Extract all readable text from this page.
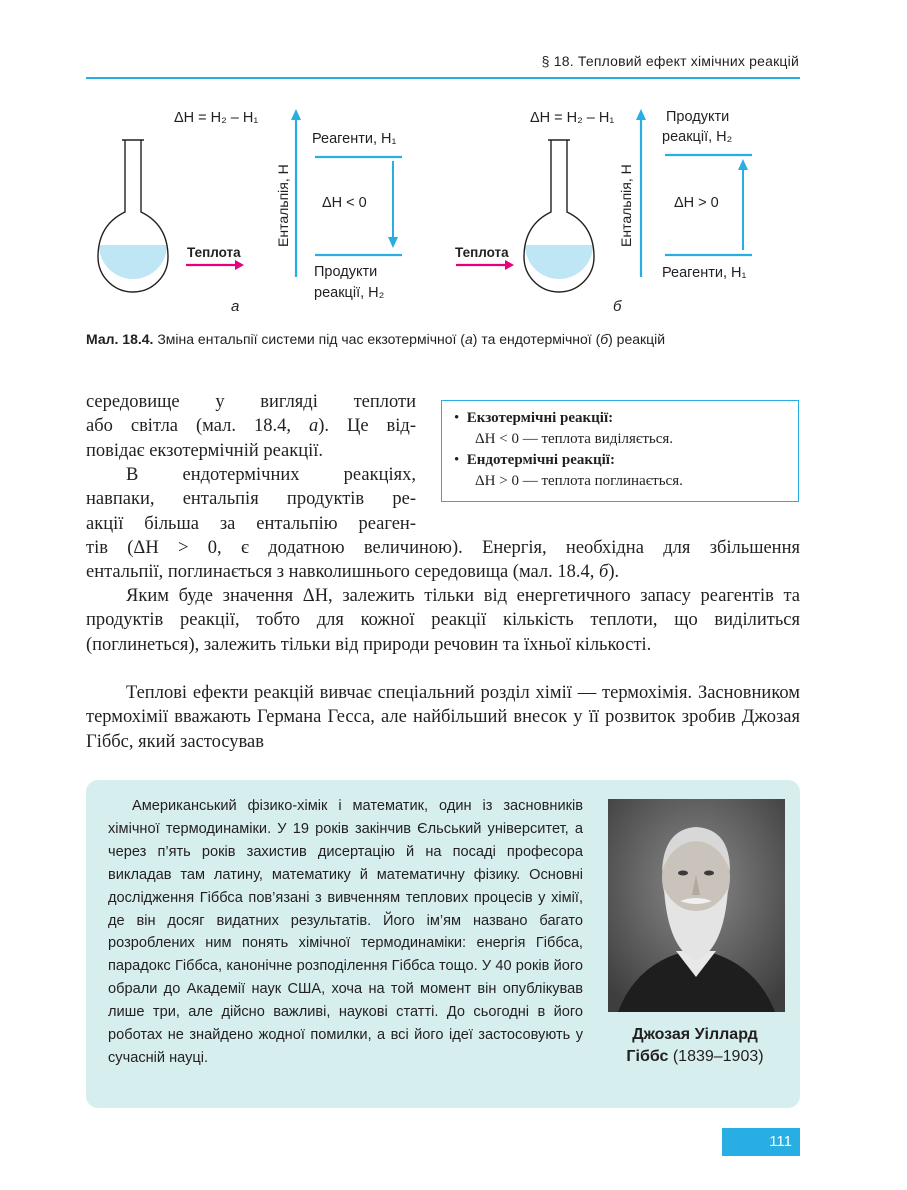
§ 18. Тепловий ефект хімічних реакцій
Теплота
Ентальпія, H
ΔH = H₂ – H₁
Реагенти, H₁
ΔH < 0
Продукти
реакції, H₂
а
Теплота
Ентальпія, H
ΔH = H₂ – H₁	Продукти
реакції, H₂
ΔH > 0
Реагенти, H₁
б
Мал. 18.4. Зміна ентальпії системи під час екзотермічної (а) та ендотермічної (б) реакцій
середовище у вигляді теплоти
або світла (мал. 18.4, а). Це від-
повідає екзотермічній реакції.
В ендотермічних реакціях,
навпаки, ентальпія продуктів ре-
акції більша за ентальпію реаген-
тів (ΔH > 0, є додатною величиною). Енергія, необхідна для збільшення
ентальпії, поглинається з навколишнього середовища (мал. 18.4, б).
Яким буде значення ΔH, залежить тільки від енергетичного запасу реагентів та продуктів реакції, тобто для кожної реакції кількість теплоти, що виділиться (поглинеться), залежить тільки від природи речовин та їхньої кількості.
Теплові ефекти реакцій вивчає спеціальний розділ хімії — термохімія. Засновником термохімії вважають Германа Гесса, але найбільший внесок у її розвиток зробив Джозая Гіббс, який застосував
•  Екзотермічні реакції:
ΔH < 0 — теплота виділяється.
•  Ендотермічні реакції:
ΔH > 0 — теплота поглинається.
Американський фізико-хімік і математик, один із засновників хімічної термодинаміки. У 19 років закінчив Єльський університет, а через п’ять років захистив дисертацію й на посаді професора викладав там латину, математику й математичну фізику. Основні дослідження Гіббса пов’язані з вивченням теплових процесів у хімії, де він досяг видатних результатів. Його ім’ям названо багато розроблених ним понять хімічної термодинаміки: енергія Гіббса, парадокс Гіббса, канонічне розподілення Гіббса тощо. У 40 років його обрали до Академії наук США, хоча на той момент він опублікував лише три, але дійсно важливі, наукові статті. До сьогодні в його роботах не знайдено жодної помилки, а всі його ідеї застосовують у сучасній науці.
Джозая Уіллард
Гіббс (1839–1903)
111
